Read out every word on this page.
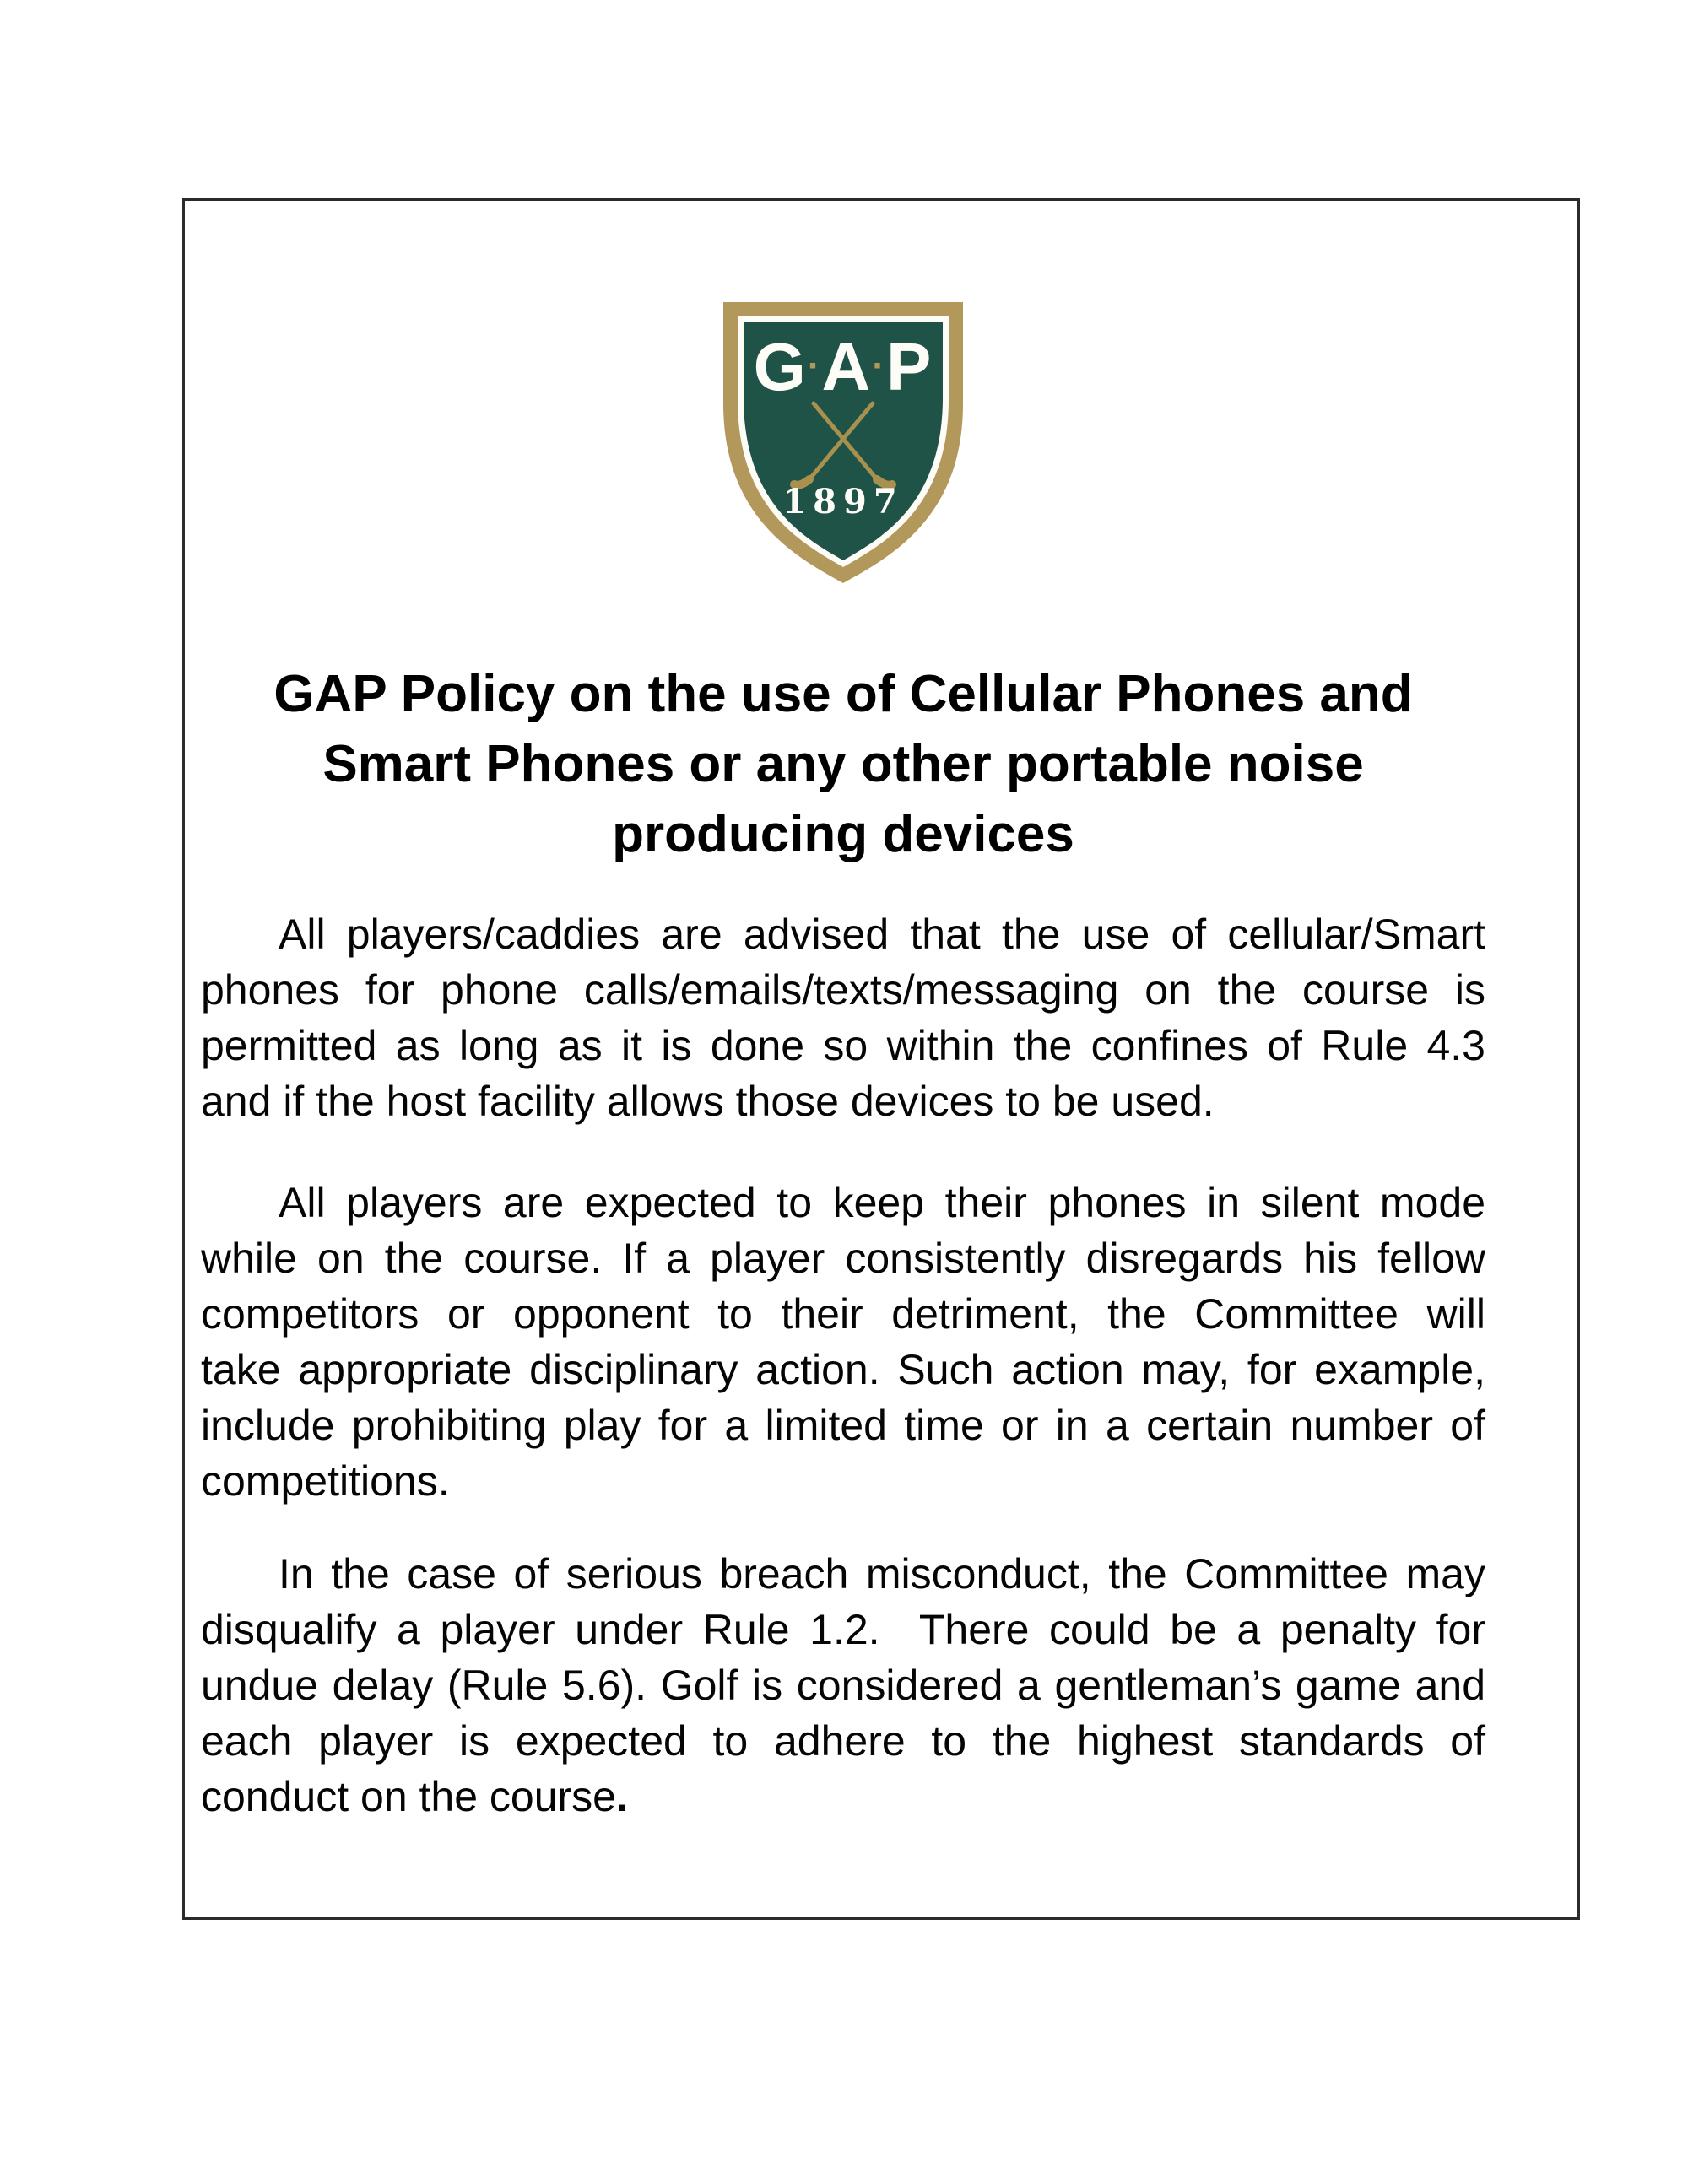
G·A·P
1897
GAP Policy on the use of Cellular Phones and
Smart Phones or any other portable noise
producing devices
All players/caddies are advised that the use of cellular/Smart
phones for phone calls/emails/texts/messaging on the course is
permitted as long as it is done so within the confines of Rule 4.3
and if the host facility allows those devices to be used.
All players are expected to keep their phones in silent mode
while on the course. If a player consistently disregards his fellow
competitors or opponent to their detriment, the Committee will
take appropriate disciplinary action. Such action may, for example,
include prohibiting play for a limited time or in a certain number of
competitions.
In the case of serious breach misconduct, the Committee may
disqualify a player under Rule 1.2.  There could be a penalty for
undue delay (Rule 5.6). Golf is considered a gentleman’s game and
each player is expected to adhere to the highest standards of
conduct on the course.
